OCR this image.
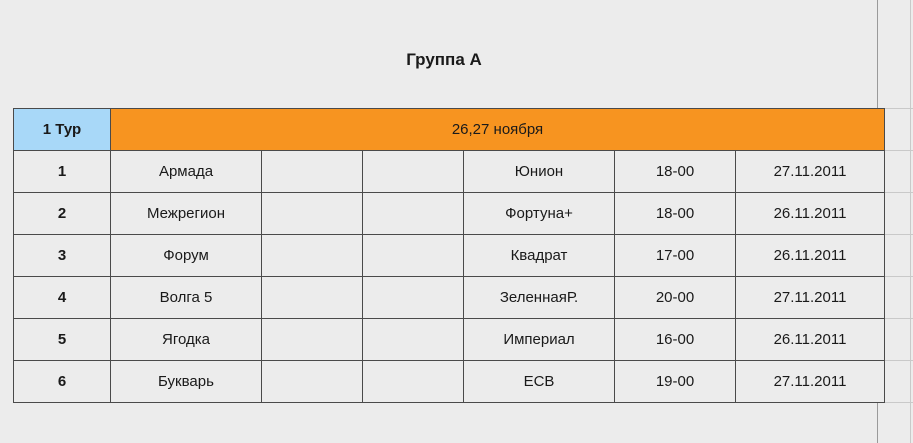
Группа А
1 Тур	26,27 ноября					
1	Армада			Юнион	18-00	27.11.2011
2	Межрегион			Фортуна+	18-00	26.11.2011
3	Форум			Квадрат	17-00	26.11.2011
4	Волга 5			ЗеленнаяР.	20-00	27.11.2011
5	Ягодка			Империал	16-00	26.11.2011
6	Букварь			ЕСВ	19-00	27.11.2011
